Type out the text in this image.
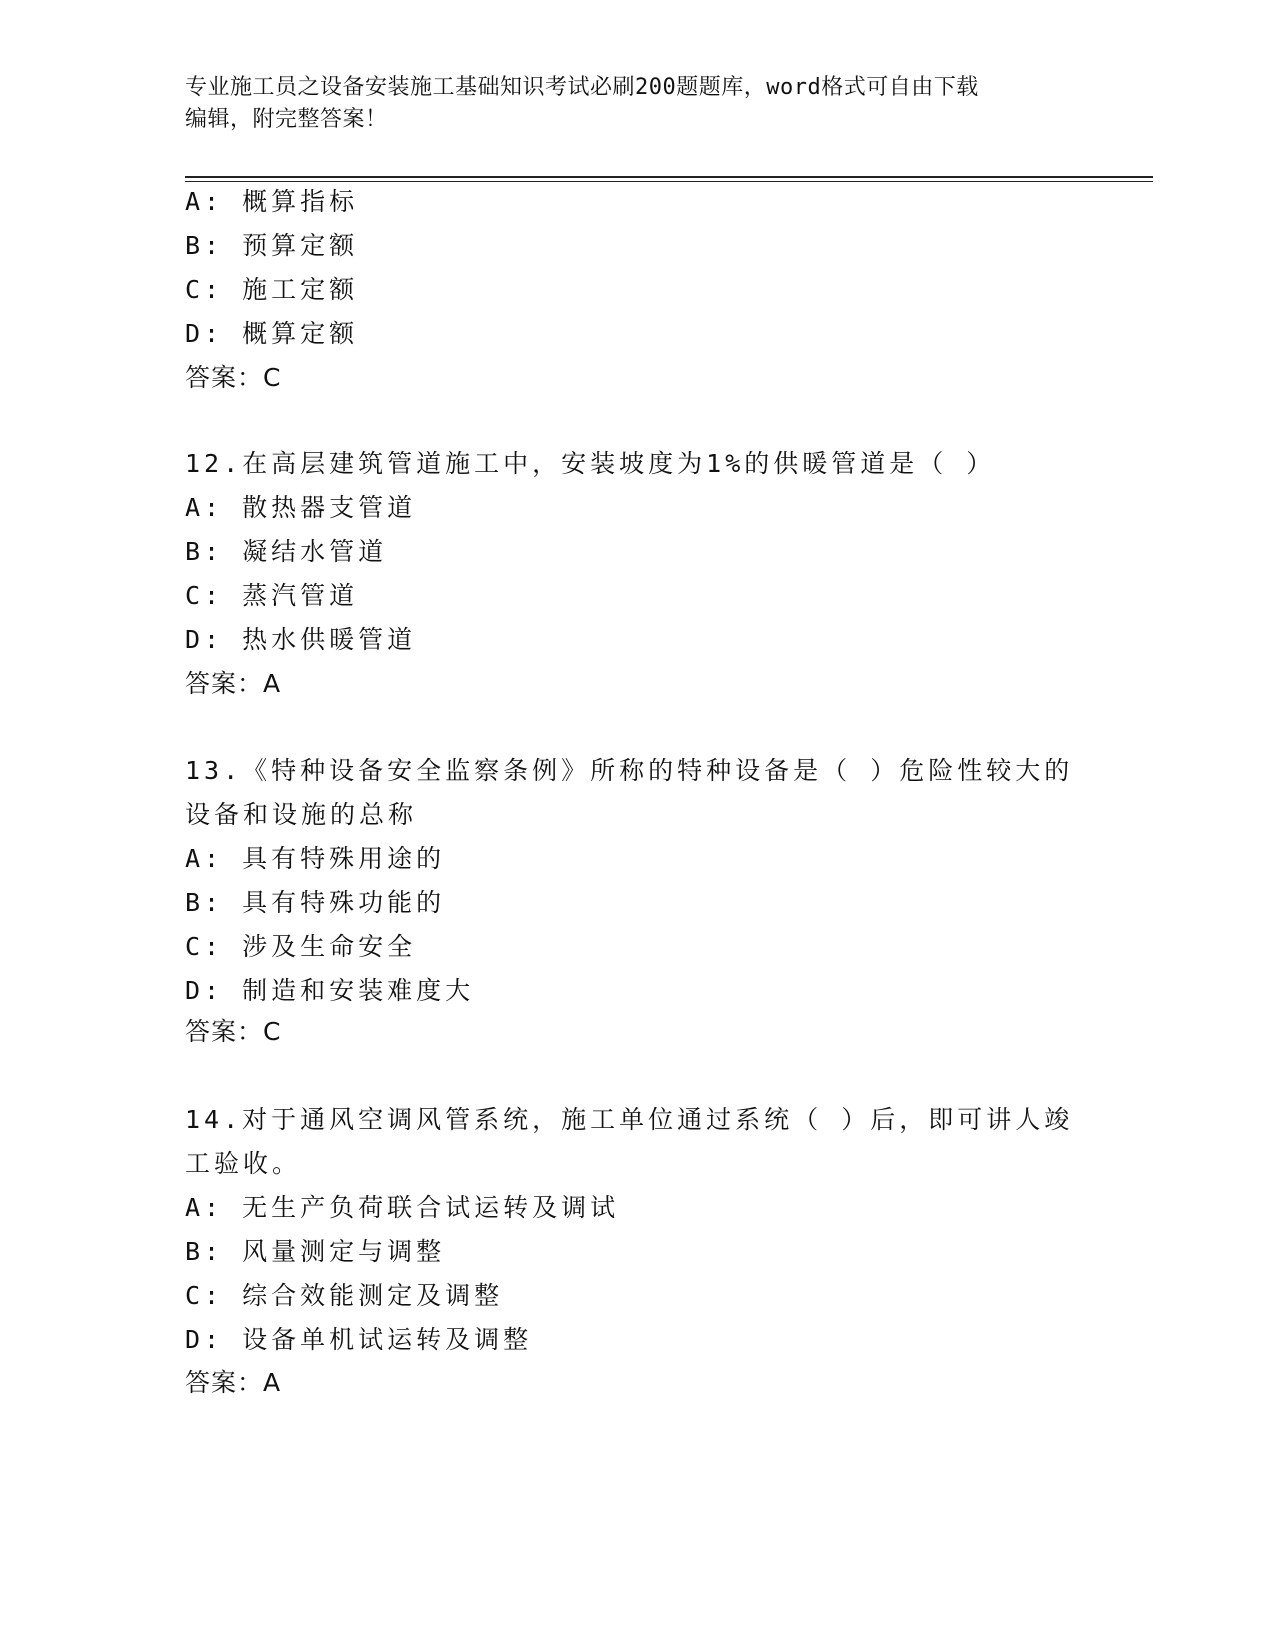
专业施工员之设备安装施工基础知识考试必刷200题题库，word格式可自由下载
编辑，附完整答案！
A: 概算指标
B: 预算定额
C: 施工定额
D: 概算定额
答案：C
12.在高层建筑管道施工中，安装坡度为1%的供暖管道是（ ）
A: 散热器支管道
B: 凝结水管道
C: 蒸汽管道
D: 热水供暖管道
答案：A
13.《特种设备安全监察条例》所称的特种设备是（ ）危险性较大的
设备和设施的总称
A: 具有特殊用途的
B: 具有特殊功能的
C: 涉及生命安全
D: 制造和安装难度大
答案：C
14.对于通风空调风管系统，施工单位通过系统（ ）后，即可讲人竣
工验收。
A: 无生产负荷联合试运转及调试
B: 风量测定与调整
C: 综合效能测定及调整
D: 设备单机试运转及调整
答案：A
